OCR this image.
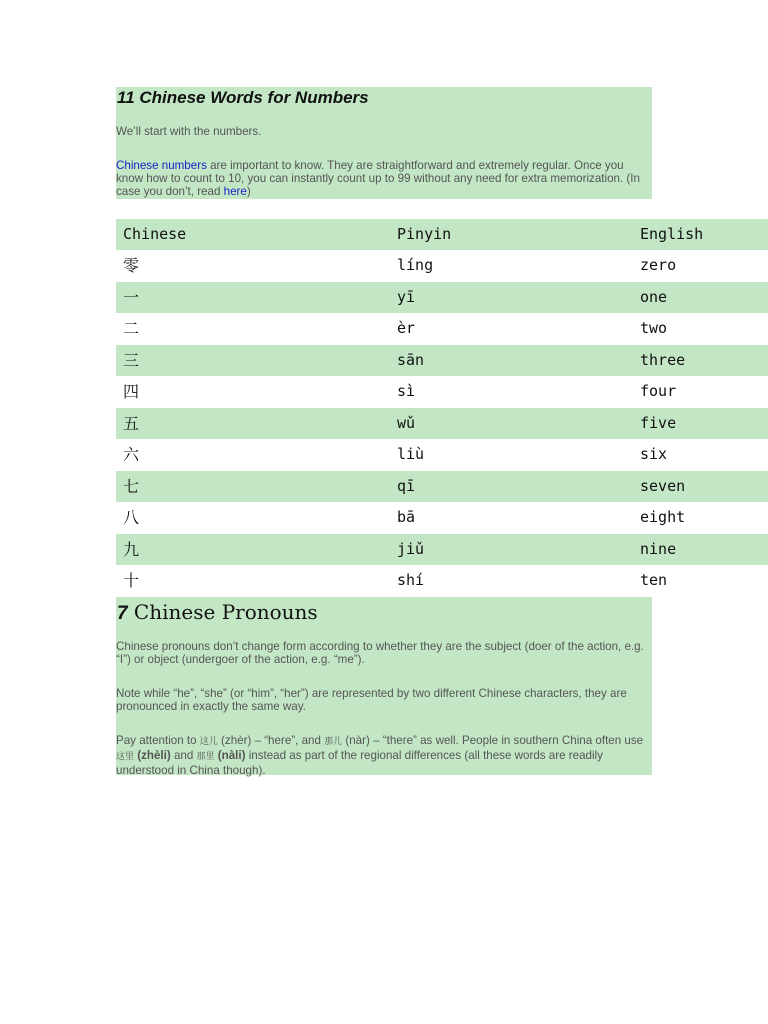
11 Chinese Words for Numbers
We’ll start with the numbers.
Chinese numbers are important to know. They are straightforward and extremely regular. Once you know how to count to 10, you can instantly count up to 99 without any need for extra memorization. (In case you don’t, read here)
Chinese	Pinyin	English
零	líng	zero
一	yī	one
二	èr	two
三	sān	three
四	sì	four
五	wǔ	five
六	liù	six
七	qī	seven
八	bā	eight
九	jiǔ	nine
十	shí	ten
7 Chinese Pronouns
Chinese pronouns don’t change form according to whether they are the subject (doer of the action, e.g. “I”) or object (undergoer of the action, e.g. “me”).
Note while “he”, “she” (or “him”, “her”) are represented by two different Chinese characters, they are pronounced in exactly the same way.
Pay attention to 这儿 (zhèr) – “here”, and 那儿 (nàr) – “there” as well. People in southern China often use 这里 (zhèli) and 那里 (nàli) instead as part of the regional differences (all these words are readily understood in China though).
